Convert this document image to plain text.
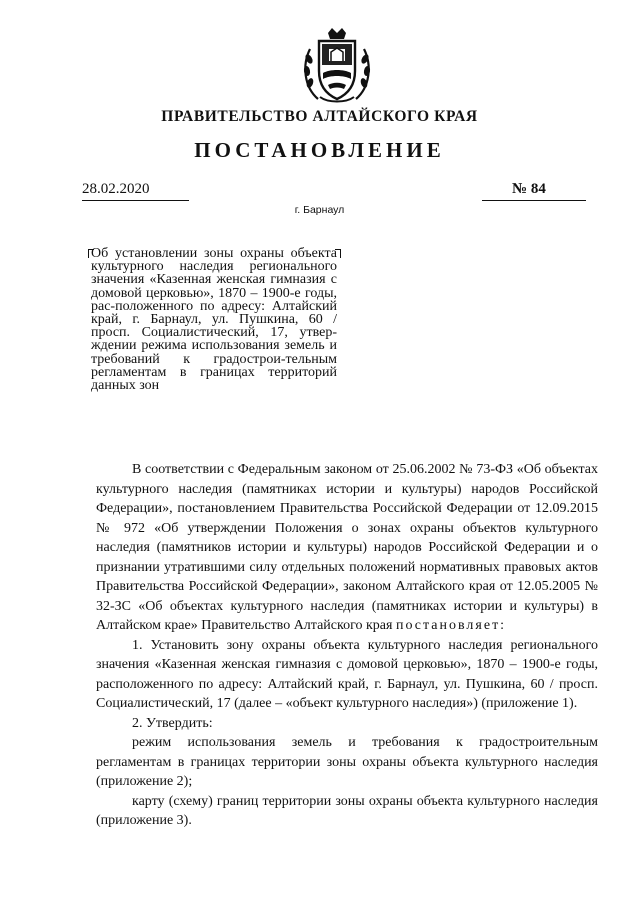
ПРАВИТЕЛЬСТВО АЛТАЙСКОГО КРАЯ
ПОСТАНОВЛЕНИЕ
28.02.2020	№ 84
г. Барнаул
Об установлении зоны охраны объекта культурного наследия регионального значения «Казенная женская гимназия с домовой церковью», 1870 – 1900-е годы, рас-положенного по адресу: Алтайский край, г. Барнаул, ул. Пушкина, 60 / просп. Социалистический, 17, утвер-ждении режима использования земель и требований к градострои-тельным регламентам в границах территорий данных зон

В соответствии с Федеральным законом от 25.06.2002 № 73-ФЗ «Об объектах культурного наследия (памятниках истории и культуры) народов Российской Федерации», постановлением Правительства Российской Федерации от 12.09.2015 № 972 «Об утверждении Положения о зонах охраны объектов культурного наследия (памятников истории и культуры) народов Российской Федерации и о признании утратившими силу отдельных положений нормативных правовых актов Правительства Российской Федерации», законом Алтайского края от 12.05.2005 № 32-ЗС «Об объектах культурного наследия (памятниках истории и культуры) в Алтайском крае» Правительство Алтайского края постановляет:

1. Установить зону охраны объекта культурного наследия регионального значения «Казенная женская гимназия с домовой церковью», 1870 – 1900-е годы, расположенного по адресу: Алтайский край, г. Барнаул, ул. Пушкина, 60 / просп. Социалистический, 17 (далее – «объект культурного наследия») (приложение 1).

2. Утвердить:

режим использования земель и требования к градостроительным регламентам в границах территории зоны охраны объекта культурного наследия (приложение 2);

карту (схему) границ территории зоны охраны объекта культурного наследия (приложение 3).
